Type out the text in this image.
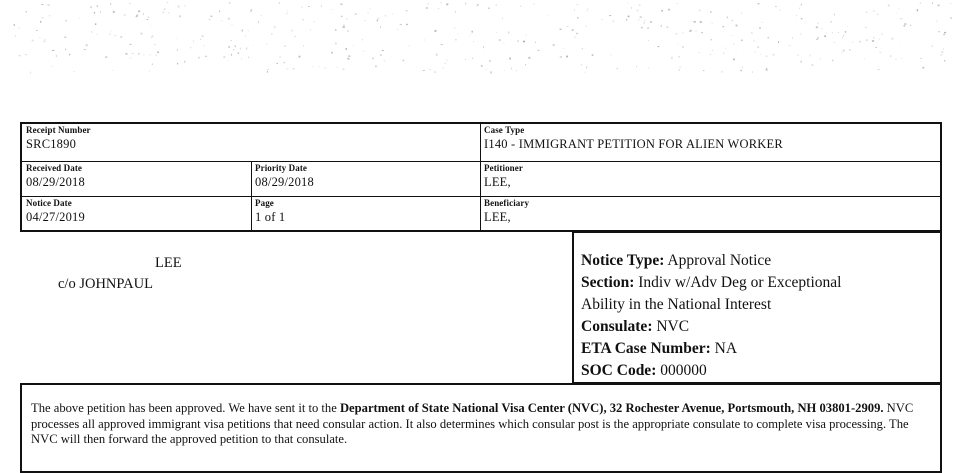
Receipt Number
SRC1890
Case Type
I140 - IMMIGRANT PETITION FOR ALIEN WORKER
Received Date
08/29/2018
Priority Date
08/29/2018
Petitioner
LEE,
Notice Date
04/27/2019
Page
1 of 1
Beneficiary
LEE,
LEE
c/o JOHNPAUL
Notice Type: Approval Notice
Section: Indiv w/Adv Deg or Exceptional
Ability in the National Interest
Consulate: NVC
ETA Case Number: NA
SOC Code: 000000
The above petition has been approved. We have sent it to the Department of State National Visa Center (NVC), 32 Rochester Avenue, Portsmouth, NH 03801-2909. NVC processes all approved immigrant visa petitions that need consular action. It also determines which consular post is the appropriate consulate to complete visa processing. The NVC will then forward the approved petition to that consulate.
